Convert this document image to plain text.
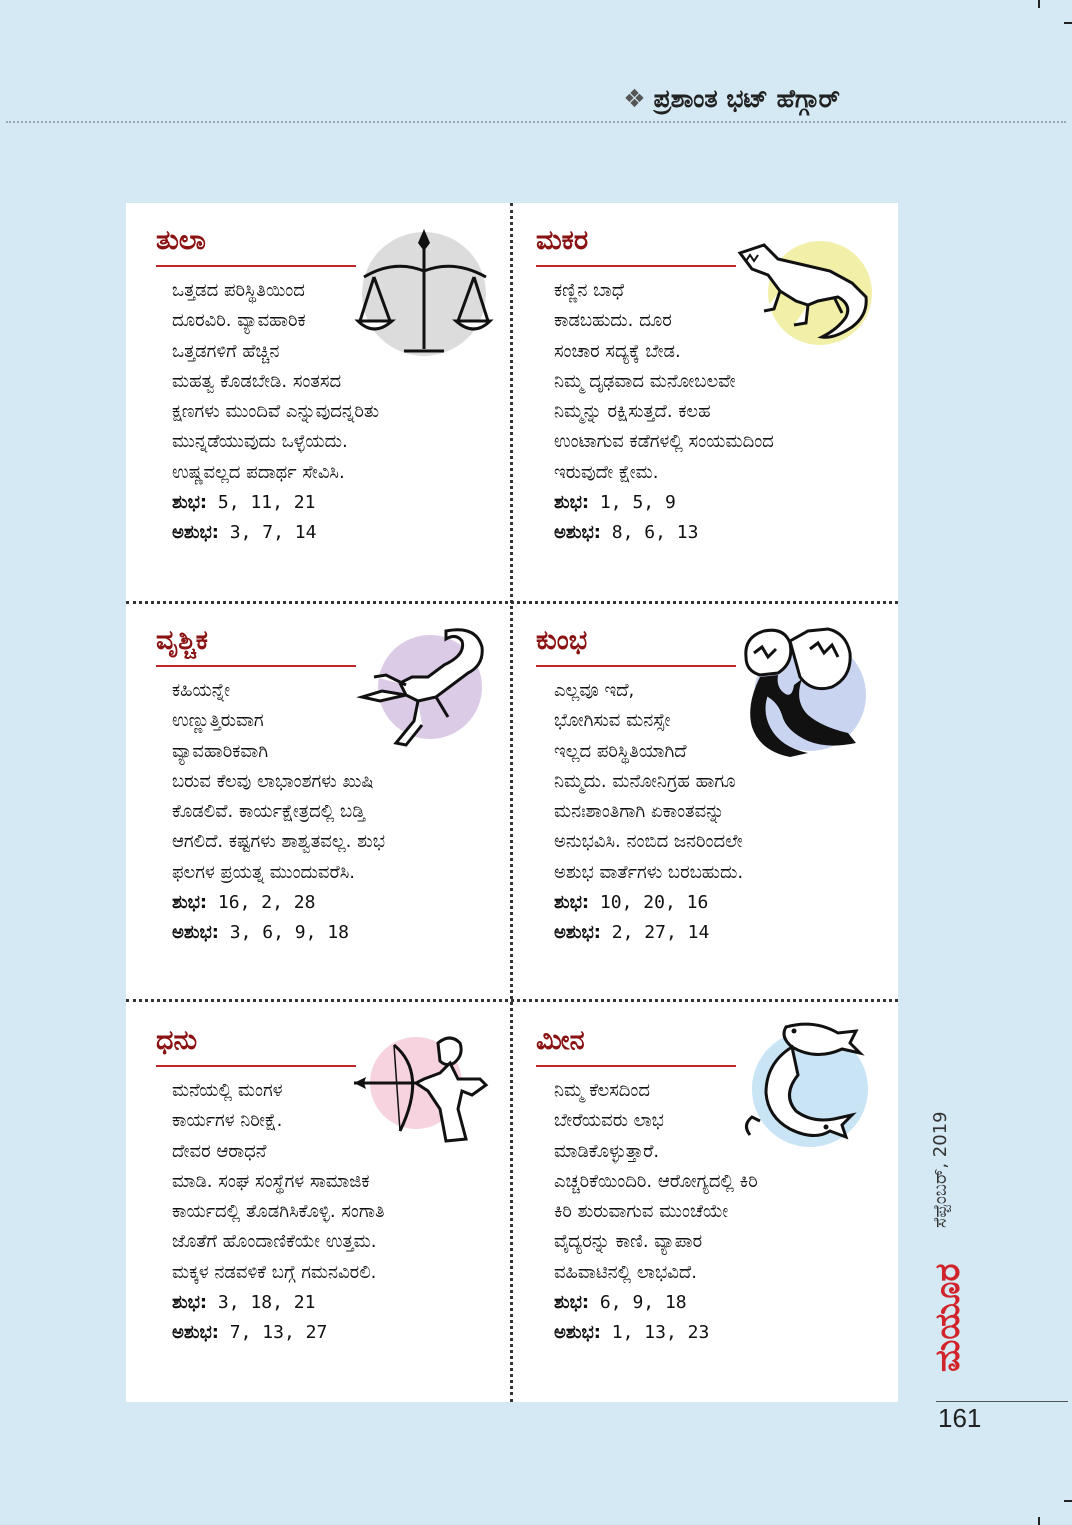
❖ ಪ್ರಶಾಂತ ಭಟ್ ಹೆಗ್ಗಾರ್
ತುಲಾ
ಒತ್ತಡದ ಪರಿಸ್ಥಿತಿಯಿಂದ
ದೂರವಿರಿ. ವ್ಯಾವಹಾರಿಕ
ಒತ್ತಡಗಳಿಗೆ ಹೆಚ್ಚಿನ
ಮಹತ್ವ ಕೊಡಬೇಡಿ. ಸಂತಸದ
ಕ್ಷಣಗಳು ಮುಂದಿವೆ ಎನ್ನುವುದನ್ನರಿತು
ಮುನ್ನಡೆಯುವುದು ಒಳ್ಳೆಯದು.
ಉಷ್ಣವಲ್ಲದ ಪದಾರ್ಥ ಸೇವಿಸಿ.
ಶುಭ: 5, 11, 21
ಅಶುಭ: 3, 7, 14
ಮಕರ
ಕಣ್ಣಿನ ಬಾಧೆ
ಕಾಡಬಹುದು. ದೂರ
ಸಂಚಾರ ಸದ್ಯಕ್ಕೆ ಬೇಡ.
ನಿಮ್ಮ ದೃಢವಾದ ಮನೋಬಲವೇ
ನಿಮ್ಮನ್ನು ರಕ್ಷಿಸುತ್ತದೆ. ಕಲಹ
ಉಂಟಾಗುವ ಕಡೆಗಳಲ್ಲಿ ಸಂಯಮದಿಂದ
ಇರುವುದೇ ಕ್ಷೇಮ.
ಶುಭ: 1, 5, 9
ಅಶುಭ: 8, 6, 13
ವೃಶ್ಚಿಕ
ಕಹಿಯನ್ನೇ
ಉಣ್ಣುತ್ತಿರುವಾಗ
ವ್ಯಾವಹಾರಿಕವಾಗಿ
ಬರುವ ಕೆಲವು ಲಾಭಾಂಶಗಳು ಖುಷಿ
ಕೊಡಲಿವೆ. ಕಾರ್ಯಕ್ಷೇತ್ರದಲ್ಲಿ ಬಡ್ತಿ
ಆಗಲಿದೆ. ಕಷ್ಟಗಳು ಶಾಶ್ವತವಲ್ಲ. ಶುಭ
ಫಲಗಳ ಪ್ರಯತ್ನ ಮುಂದುವರೆಸಿ.
ಶುಭ: 16, 2, 28
ಅಶುಭ: 3, 6, 9, 18
ಕುಂಭ
ಎಲ್ಲವೂ ಇದೆ,
ಭೋಗಿಸುವ ಮನಸ್ಸೇ
ಇಲ್ಲದ ಪರಿಸ್ಥಿತಿಯಾಗಿದೆ
ನಿಮ್ಮದು. ಮನೋನಿಗ್ರಹ ಹಾಗೂ
ಮನಃಶಾಂತಿಗಾಗಿ ಏಕಾಂತವನ್ನು
ಅನುಭವಿಸಿ. ನಂಬಿದ ಜನರಿಂದಲೇ
ಅಶುಭ ವಾರ್ತೆಗಳು ಬರಬಹುದು.
ಶುಭ: 10, 20, 16
ಅಶುಭ: 2, 27, 14
ಧನು
ಮನೆಯಲ್ಲಿ ಮಂಗಳ
ಕಾರ್ಯಗಳ ನಿರೀಕ್ಷೆ.
ದೇವರ ಆರಾಧನೆ
ಮಾಡಿ. ಸಂಘ ಸಂಸ್ಥೆಗಳ ಸಾಮಾಜಿಕ
ಕಾರ್ಯದಲ್ಲಿ ತೊಡಗಿಸಿಕೊಳ್ಳಿ. ಸಂಗಾತಿ
ಜೊತೆಗೆ ಹೊಂದಾಣಿಕೆಯೇ ಉತ್ತಮ.
ಮಕ್ಕಳ ನಡವಳಿಕೆ ಬಗ್ಗೆ ಗಮನವಿರಲಿ.
ಶುಭ: 3, 18, 21
ಅಶುಭ: 7, 13, 27
ಮೀನ
ನಿಮ್ಮ ಕೆಲಸದಿಂದ
ಬೇರೆಯವರು ಲಾಭ
ಮಾಡಿಕೊಳ್ಳುತ್ತಾರೆ.
ಎಚ್ಚರಿಕೆಯಿಂದಿರಿ. ಆರೋಗ್ಯದಲ್ಲಿ ಕಿರಿ
ಕಿರಿ ಶುರುವಾಗುವ ಮುಂಚೆಯೇ
ವೈದ್ಯರನ್ನು ಕಾಣಿ. ವ್ಯಾಪಾರ
ವಹಿವಾಟಿನಲ್ಲಿ ಲಾಭವಿದೆ.
ಶುಭ: 6, 9, 18
ಅಶುಭ: 1, 13, 23
ಸೆಪ್ಟೆಂಬರ್, 2019
ಮಯೂರ
161
